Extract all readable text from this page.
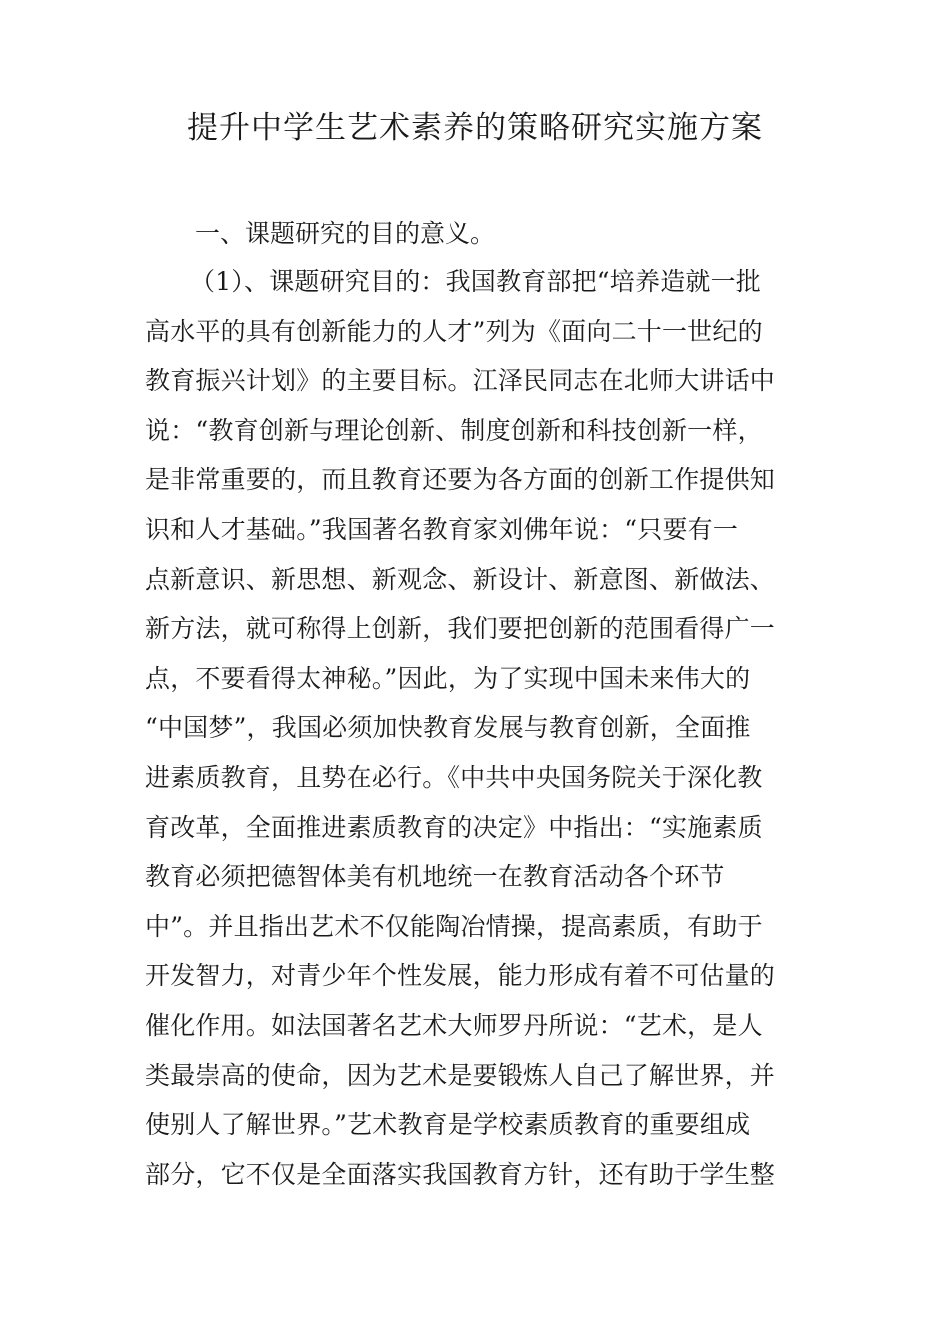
提升中学生艺术素养的策略研究实施方案

一、课题研究的目的意义。

（1）、课题研究目的：我国教育部把“培养造就一批
高水平的具有创新能力的人才”列为《面向二十一世纪的
教育振兴计划》的主要目标。江泽民同志在北师大讲话中
说：“教育创新与理论创新、制度创新和科技创新一样，
是非常重要的，而且教育还要为各方面的创新工作提供知
识和人才基础。”我国著名教育家刘佛年说：“只要有一
点新意识、新思想、新观念、新设计、新意图、新做法、
新方法，就可称得上创新，我们要把创新的范围看得广一
点，不要看得太神秘。”因此，为了实现中国未来伟大的
“中国梦”，我国必须加快教育发展与教育创新，全面推
进素质教育，且势在必行。《中共中央国务院关于深化教
育改革，全面推进素质教育的决定》中指出：“实施素质
教育必须把德智体美有机地统一在教育活动各个环节
中”。并且指出艺术不仅能陶冶情操，提高素质，有助于
开发智力，对青少年个性发展，能力形成有着不可估量的
催化作用。如法国著名艺术大师罗丹所说：“艺术，是人
类最崇高的使命，因为艺术是要锻炼人自己了解世界，并
使别人了解世界。”艺术教育是学校素质教育的重要组成
部分，它不仅是全面落实我国教育方针，还有助于学生整
